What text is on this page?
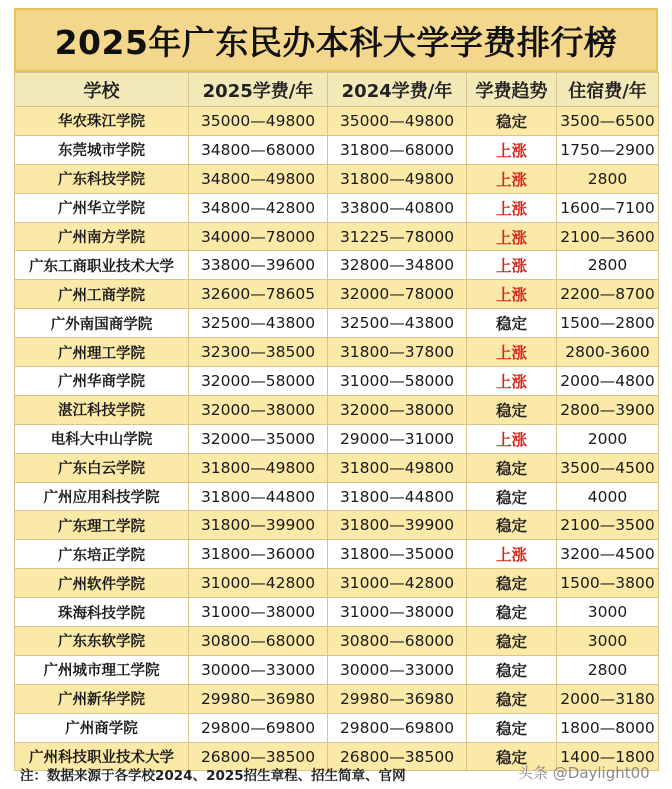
2025年广东民办本科大学学费排行榜
学校	2025学费/年	2024学费/年	学费趋势	住宿费/年
华农珠江学院	35000—49800	35000—49800	稳定	3500—6500
东莞城市学院	34800—68000	31800—68000	上涨	1750—2900
广东科技学院	34800—49800	31800—49800	上涨	2800
广州华立学院	34800—42800	33800—40800	上涨	1600—7100
广州南方学院	34000—78000	31225—78000	上涨	2100—3600
广东工商职业技术大学	33800—39600	32800—34800	上涨	2800
广州工商学院	32600—78605	32000—78000	上涨	2200—8700
广外南国商学院	32500—43800	32500—43800	稳定	1500—2800
广州理工学院	32300—38500	31800—37800	上涨	2800-3600
广州华商学院	32000—58000	31000—58000	上涨	2000—4800
湛江科技学院	32000—38000	32000—38000	稳定	2800—3900
电科大中山学院	32000—35000	29000—31000	上涨	2000
广东白云学院	31800—49800	31800—49800	稳定	3500—4500
广州应用科技学院	31800—44800	31800—44800	稳定	4000
广东理工学院	31800—39900	31800—39900	稳定	2100—3500
广东培正学院	31800—36000	31800—35000	上涨	3200—4500
广州软件学院	31000—42800	31000—42800	稳定	1500—3800
珠海科技学院	31000—38000	31000—38000	稳定	3000
广东东软学院	30800—68000	30800—68000	稳定	3000
广州城市理工学院	30000—33000	30000—33000	稳定	2800
广州新华学院	29980—36980	29980—36980	稳定	2000—3180
广州商学院	29800—69800	29800—69800	稳定	1800—8000
广州科技职业技术大学	26800—38500	26800—38500	稳定	1400—1800
注：数据来源于各学校2024、2025招生章程、招生简章、官网	头条 @Daylight00
